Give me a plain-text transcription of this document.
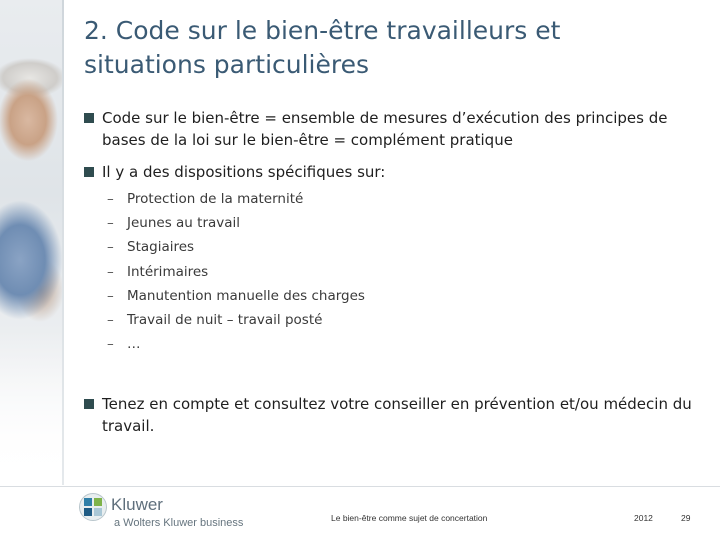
2. Code sur le bien-être travailleurs et
situations particulières
Code sur le bien-être = ensemble de mesures d’exécution des principes de bases de la loi sur le bien-être = complément pratique
Il y a des dispositions spécifiques sur:
– Protection de la maternité
– Jeunes au travail
– Stagiaires
– Intérimaires
– Manutention manuelle des charges
– Travail de nuit – travail posté
– …
Tenez en compte et consultez votre conseiller en prévention et/ou médecin du travail.
Kluwer
a Wolters Kluwer business	Le bien-être comme sujet de concertation	2012	29
